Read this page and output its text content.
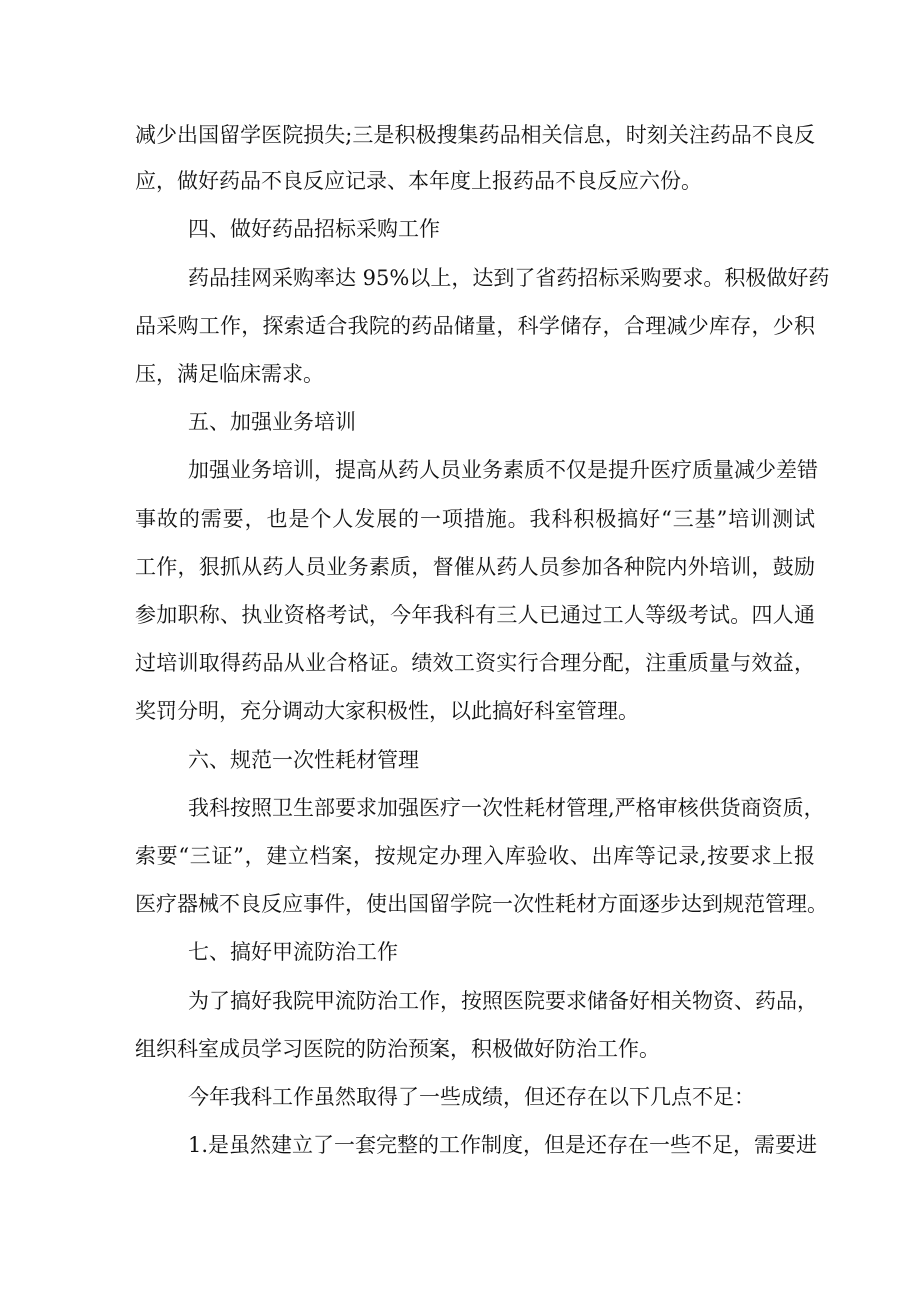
减少出国留学医院损失;三是积极搜集药品相关信息，时刻关注药品不良反
应，做好药品不良反应记录、本年度上报药品不良反应六份。
四、做好药品招标采购工作
药品挂网采购率达 95%以上，达到了省药招标采购要求。积极做好药
品采购工作，探索适合我院的药品储量，科学储存，合理减少库存，少积
压，满足临床需求。
五、加强业务培训
加强业务培训，提高从药人员业务素质不仅是提升医疗质量减少差错
事故的需要，也是个人发展的一项措施。我科积极搞好“三基”培训测试
工作，狠抓从药人员业务素质，督催从药人员参加各种院内外培训，鼓励
参加职称、执业资格考试，今年我科有三人已通过工人等级考试。四人通
过培训取得药品从业合格证。绩效工资实行合理分配，注重质量与效益，
奖罚分明，充分调动大家积极性，以此搞好科室管理。
六、规范一次性耗材管理
我科按照卫生部要求加强医疗一次性耗材管理,严格审核供货商资质，
索要“三证”，建立档案，按规定办理入库验收、出库等记录,按要求上报
医疗器械不良反应事件，使出国留学院一次性耗材方面逐步达到规范管理。
七、搞好甲流防治工作
为了搞好我院甲流防治工作，按照医院要求储备好相关物资、药品，
组织科室成员学习医院的防治预案，积极做好防治工作。
今年我科工作虽然取得了一些成绩，但还存在以下几点不足：
1.是虽然建立了一套完整的工作制度，但是还存在一些不足，需要进
